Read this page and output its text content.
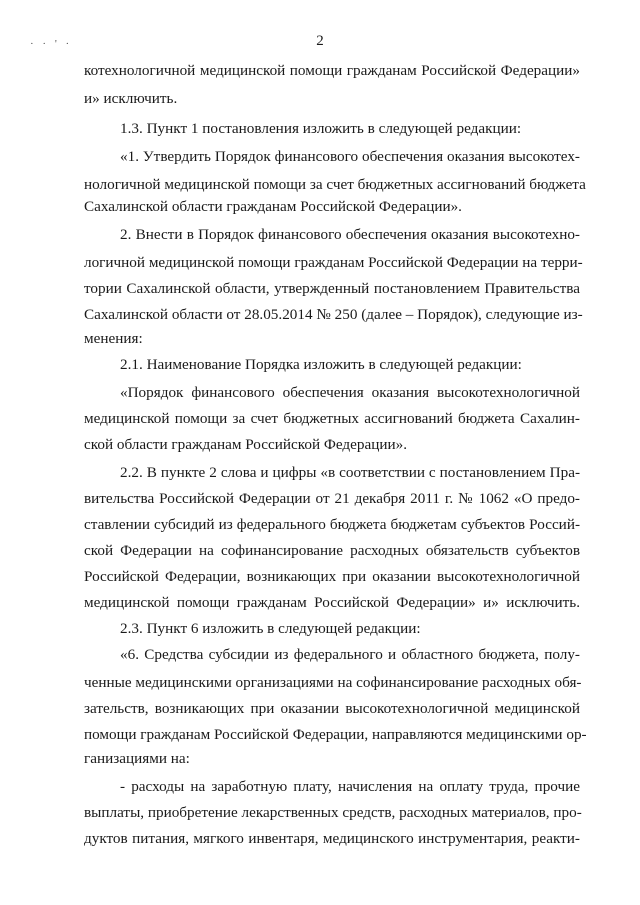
· · ' ·	2
котехнологичной медицинской помощи гражданам Российской Федерации»
и» исключить.
1.3. Пункт 1 постановления изложить в следующей редакции:
«1. Утвердить Порядок финансового обеспечения оказания высокотех-
нологичной медицинской помощи за счет бюджетных ассигнований бюджета
Сахалинской области гражданам Российской Федерации».
2. Внести в Порядок финансового обеспечения оказания высокотехно-
логичной медицинской помощи гражданам Российской Федерации на терри-
тории Сахалинской области, утвержденный постановлением Правительства
Сахалинской области от 28.05.2014 № 250 (далее – Порядок), следующие из-
менения:
2.1. Наименование Порядка изложить в следующей редакции:
«Порядок финансового обеспечения оказания высокотехнологичной
медицинской помощи за счет бюджетных ассигнований бюджета Сахалин-
ской области гражданам Российской Федерации».
2.2. В пункте 2 слова и цифры «в соответствии с постановлением Пра-
вительства Российской Федерации от 21 декабря 2011 г. № 1062 «О предо-
ставлении субсидий из федерального бюджета бюджетам субъектов Россий-
ской Федерации на софинансирование расходных обязательств субъектов
Российской Федерации, возникающих при оказании высокотехнологичной
медицинской помощи гражданам Российской Федерации» и» исключить.
2.3. Пункт 6 изложить в следующей редакции:
«6. Средства субсидии из федерального и областного бюджета, полу-
ченные медицинскими организациями на софинансирование расходных обя-
зательств, возникающих при оказании высокотехнологичной медицинской
помощи гражданам Российской Федерации, направляются медицинскими ор-
ганизациями на:
- расходы на заработную плату, начисления на оплату труда, прочие
выплаты, приобретение лекарственных средств, расходных материалов, про-
дуктов питания, мягкого инвентаря, медицинского инструментария, реакти-
